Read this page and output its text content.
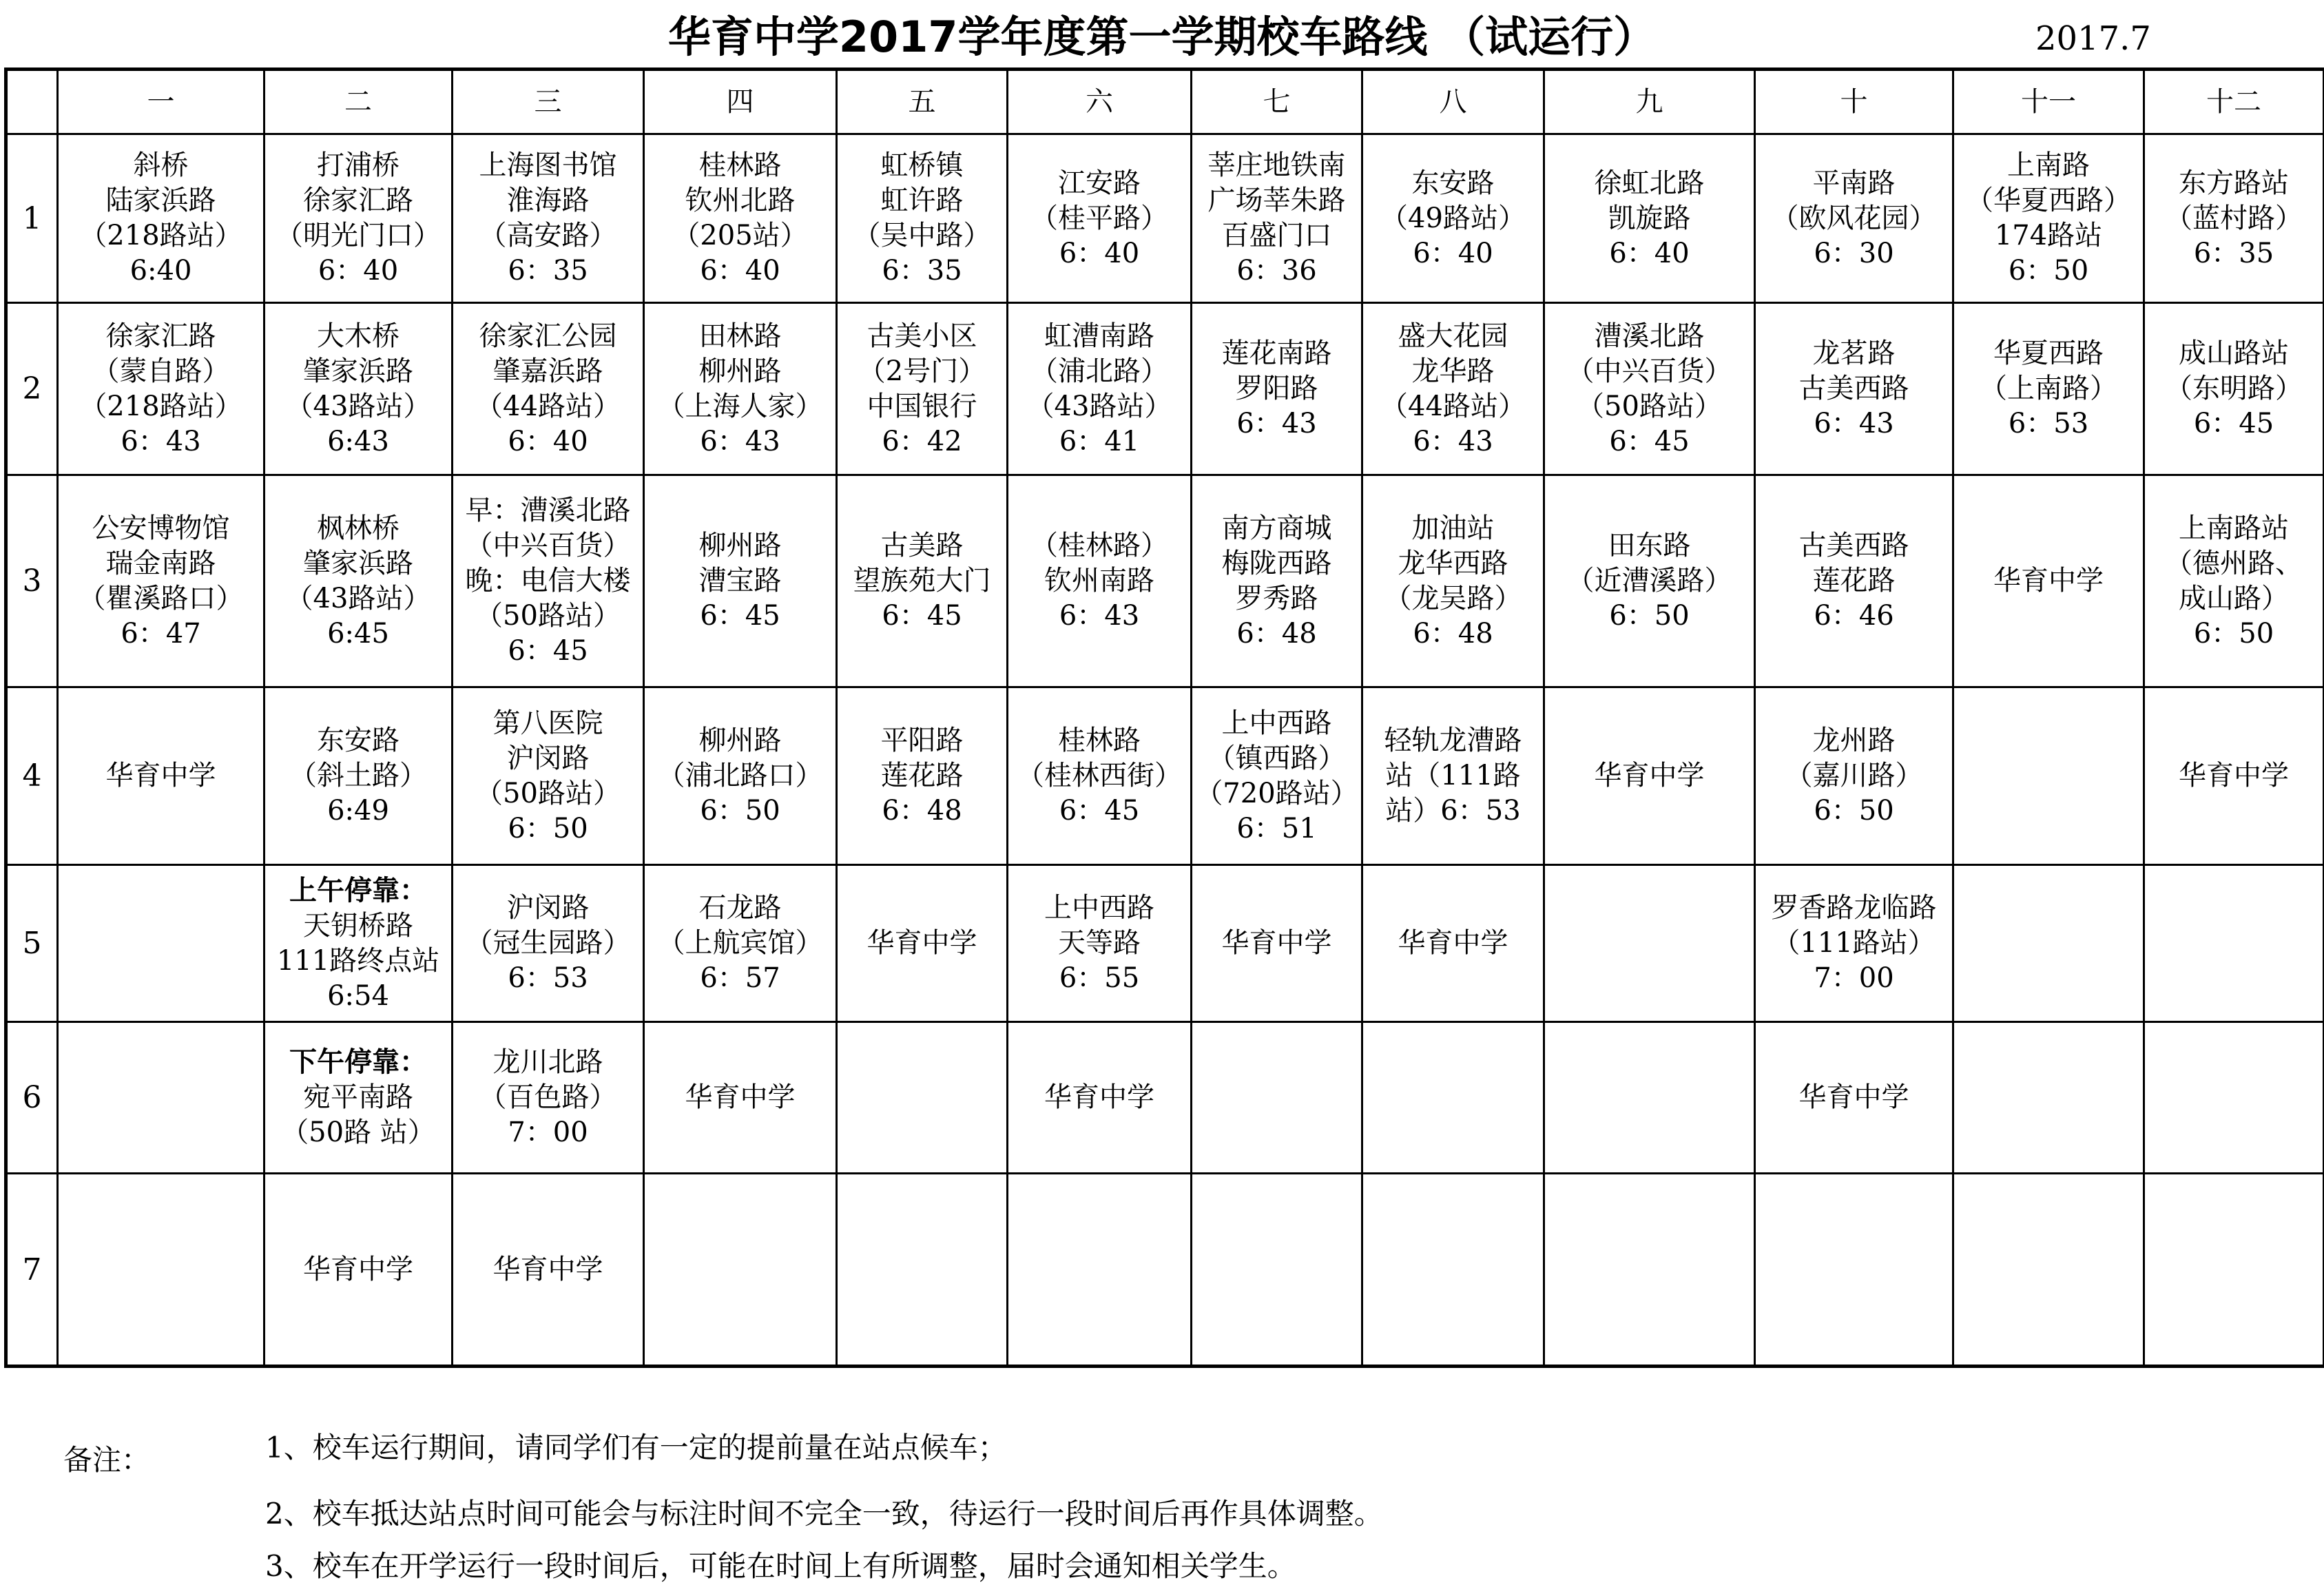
华育中学2017学年度第一学期校车路线 （试运行）	2017.7
	一	二	三	四	五	六	七	八	九	十	十一	十二
1	斜桥
陆家浜路
（218路站）
6:40	打浦桥
徐家汇路
（明光门口）
6：40	上海图书馆
淮海路
（高安路）
6：35	桂林路
钦州北路
（205站）
6：40	虹桥镇
虹许路
（吴中路）
6：35	江安路
（桂平路）
6：40	莘庄地铁南
广场莘朱路
百盛门口
6：36	东安路
（49路站）
6：40	徐虹北路
凯旋路
6：40	平南路
（欧风花园）
6：30	上南路
（华夏西路）
174路站
6：50	东方路站
（蓝村路）
6：35

2	徐家汇路
（蒙自路）
（218路站）
6：43	大木桥
肇家浜路
（43路站）
6:43	徐家汇公园
肇嘉浜路
（44路站）
6：40	田林路
柳州路
（上海人家）
6：43	古美小区
（2号门）
中国银行
6：42	虹漕南路
（浦北路）
（43路站）
6：41	莲花南路
罗阳路
6：43	盛大花园
龙华路
（44路站）
6：43	漕溪北路
（中兴百货）
（50路站）
6：45	龙茗路
古美西路
6：43	华夏西路
（上南路）
6：53	成山路站
（东明路）
6：45

3	公安博物馆
瑞金南路
（瞿溪路口）
6：47	枫林桥
肇家浜路
（43路站）
6:45	早：漕溪北路
（中兴百货）
晚：电信大楼
（50路站）
6：45	柳州路
漕宝路
6：45	古美路
望族苑大门
6：45	（桂林路）
钦州南路
6：43	南方商城
梅陇西路
罗秀路
6：48	加油站
龙华西路
（龙吴路）
6：48	田东路
（近漕溪路）
6：50	古美西路
莲花路
6：46	华育中学	上南路站
（德州路、
成山路）
6：50

4	华育中学	东安路
（斜土路）
6:49	第八医院
沪闵路
（50路站）
6：50	柳州路
（浦北路口）
6：50	平阳路
莲花路
6：48	桂林路
（桂林西街）
6：45	上中西路
（镇西路）
（720路站）
6：51	轻轨龙漕路
站（111路
站）6：53	华育中学	龙州路
（嘉川路）
6：50		华育中学

5		上午停靠：
天钥桥路
111路终点站
6:54	沪闵路
（冠生园路）
6：53	石龙路
（上航宾馆）
6：57	华育中学	上中西路
天等路
6：55	华育中学	华育中学		罗香路龙临路
（111路站）
7：00		

6		下午停靠：
宛平南路
（50路 站）	龙川北路
（百色路）
7：00	华育中学		华育中学				华育中学		

7		华育中学	华育中学									

备注：	1、校车运行期间，请同学们有一定的提前量在站点候车；
2、校车抵达站点时间可能会与标注时间不完全一致，待运行一段时间后再作具体调整。
3、校车在开学运行一段时间后，可能在时间上有所调整，届时会通知相关学生。
